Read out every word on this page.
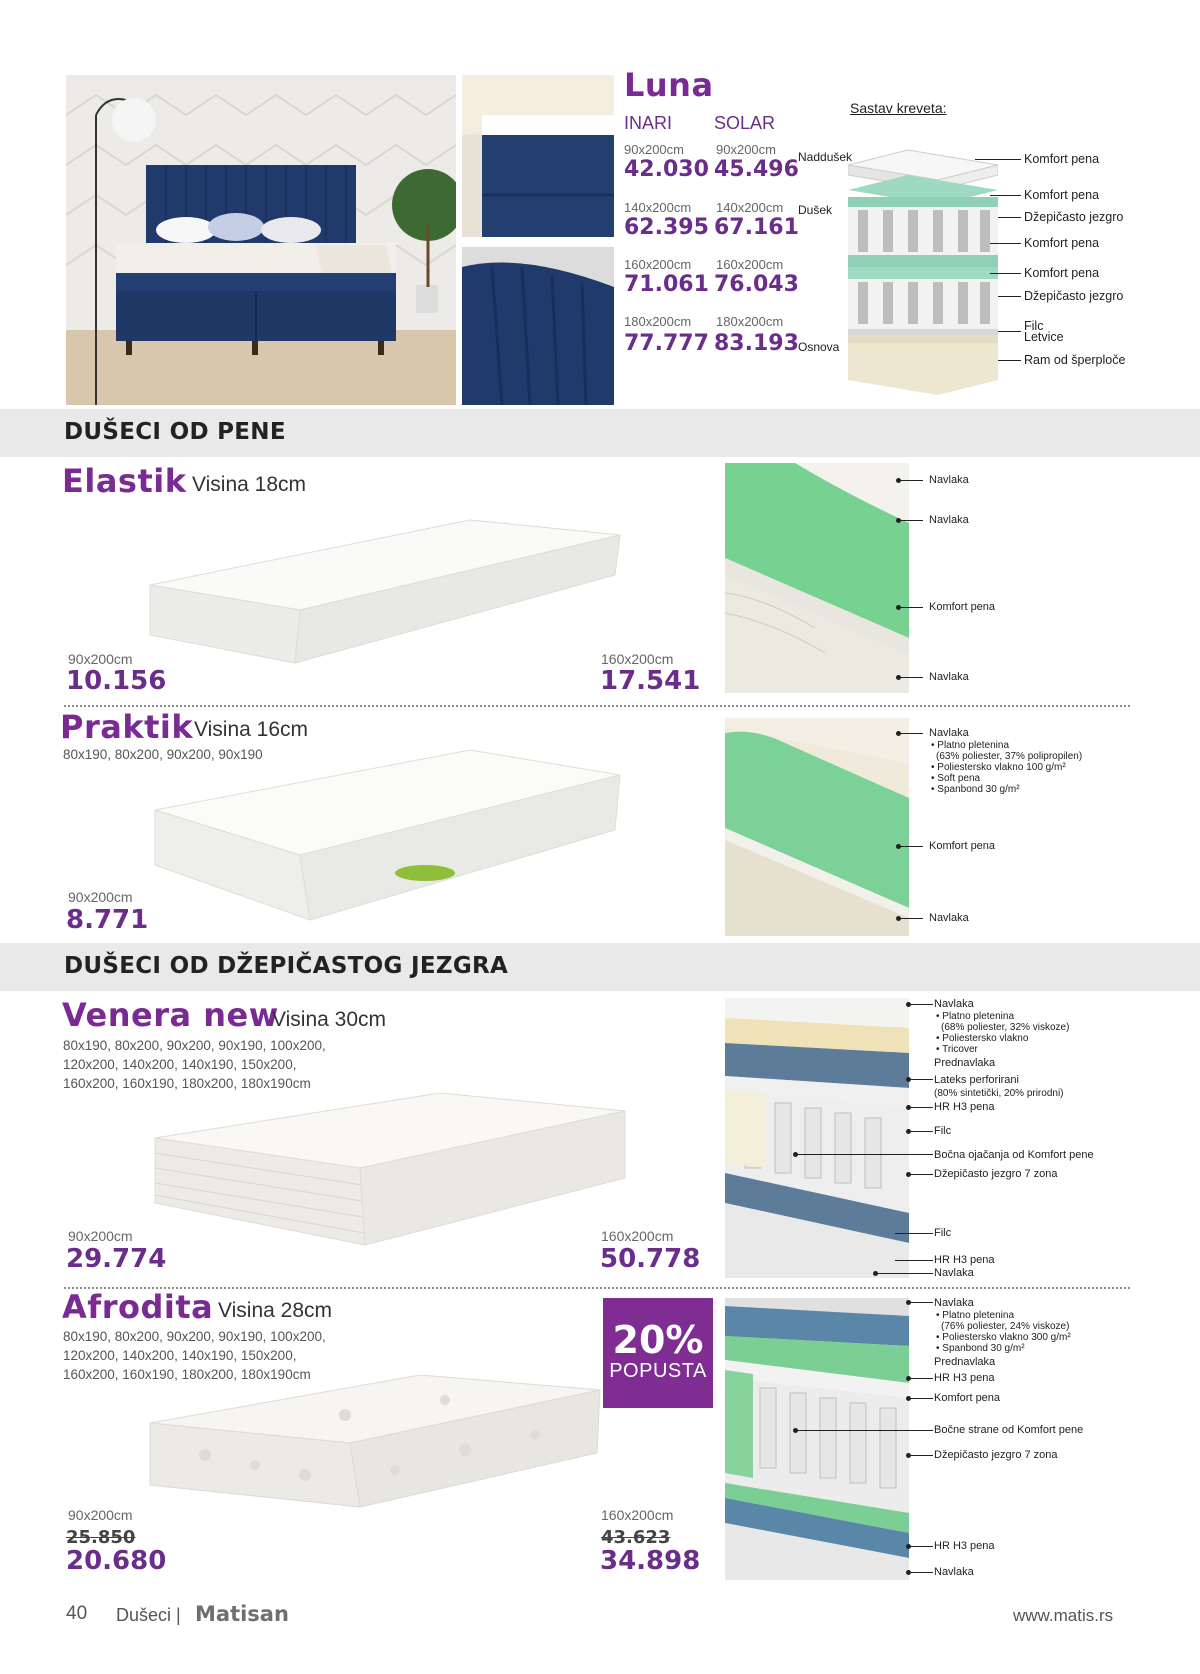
Luna
INARI SOLAR
90x200cm
42.030
90x200cm
45.496
140x200cm
62.395
140x200cm
67.161
160x200cm
71.061
160x200cm
76.043
180x200cm
77.777
180x200cm
83.193
Sastav kreveta:
Naddušek
Dušek
Osnova
Komfort pena
Komfort pena
Džepičasto jezgro
Komfort pena
Komfort pena
Džepičasto jezgro
Filc
Letvice
Ram od šperploče
DUŠECI OD PENE
Elastik Visina 18cm
90x200cm
10.156
160x200cm
17.541
Navlaka
Navlaka
Komfort pena
Navlaka
Praktik Visina 16cm
80x190, 80x200, 90x200, 90x190
90x200cm
8.771
Navlaka
• Platno pletenina
(63% poliester, 37% polipropilen)
• Poliestersko vlakno 100 g/m²
• Soft pena
• Spanbond 30 g/m²
Komfort pena
Navlaka
DUŠECI OD DŽEPIČASTOG JEZGRA
Venera new
Visina 30cm
80x190, 80x200, 90x200, 90x190, 100x200,
120x200, 140x200, 140x190, 150x200,
160x200, 160x190, 180x200, 180x190cm
90x200cm
29.774
160x200cm
50.778
Navlaka
• Platno pletenina
(68% poliester, 32% viskoze)
• Poliestersko vlakno
• Tricover
Prednavlaka
Lateks perforirani
(80% sintetički, 20% prirodni)
HR H3 pena
Filc
Bočna ojačanja od Komfort pene
Džepičasto jezgro 7 zona
Filc
HR H3 pena
Navlaka
Afrodita Visina 28cm
80x190, 80x200, 90x200, 90x190, 100x200,
120x200, 140x200, 140x190, 150x200,
160x200, 160x190, 180x200, 180x190cm
20%
POPUSTA
90x200cm
25.850
20.680
160x200cm
43.623
34.898
Navlaka
• Platno pletenina
(76% poliester, 24% viskoze)
• Poliestersko vlakno 300 g/m²
• Spanbond 30 g/m²
Prednavlaka
HR H3 pena
Komfort pena
Bočne strane od Komfort pene
Džepičasto jezgro 7 zona
HR H3 pena
Navlaka
40 Dušeci | Matisan	www.matis.rs
